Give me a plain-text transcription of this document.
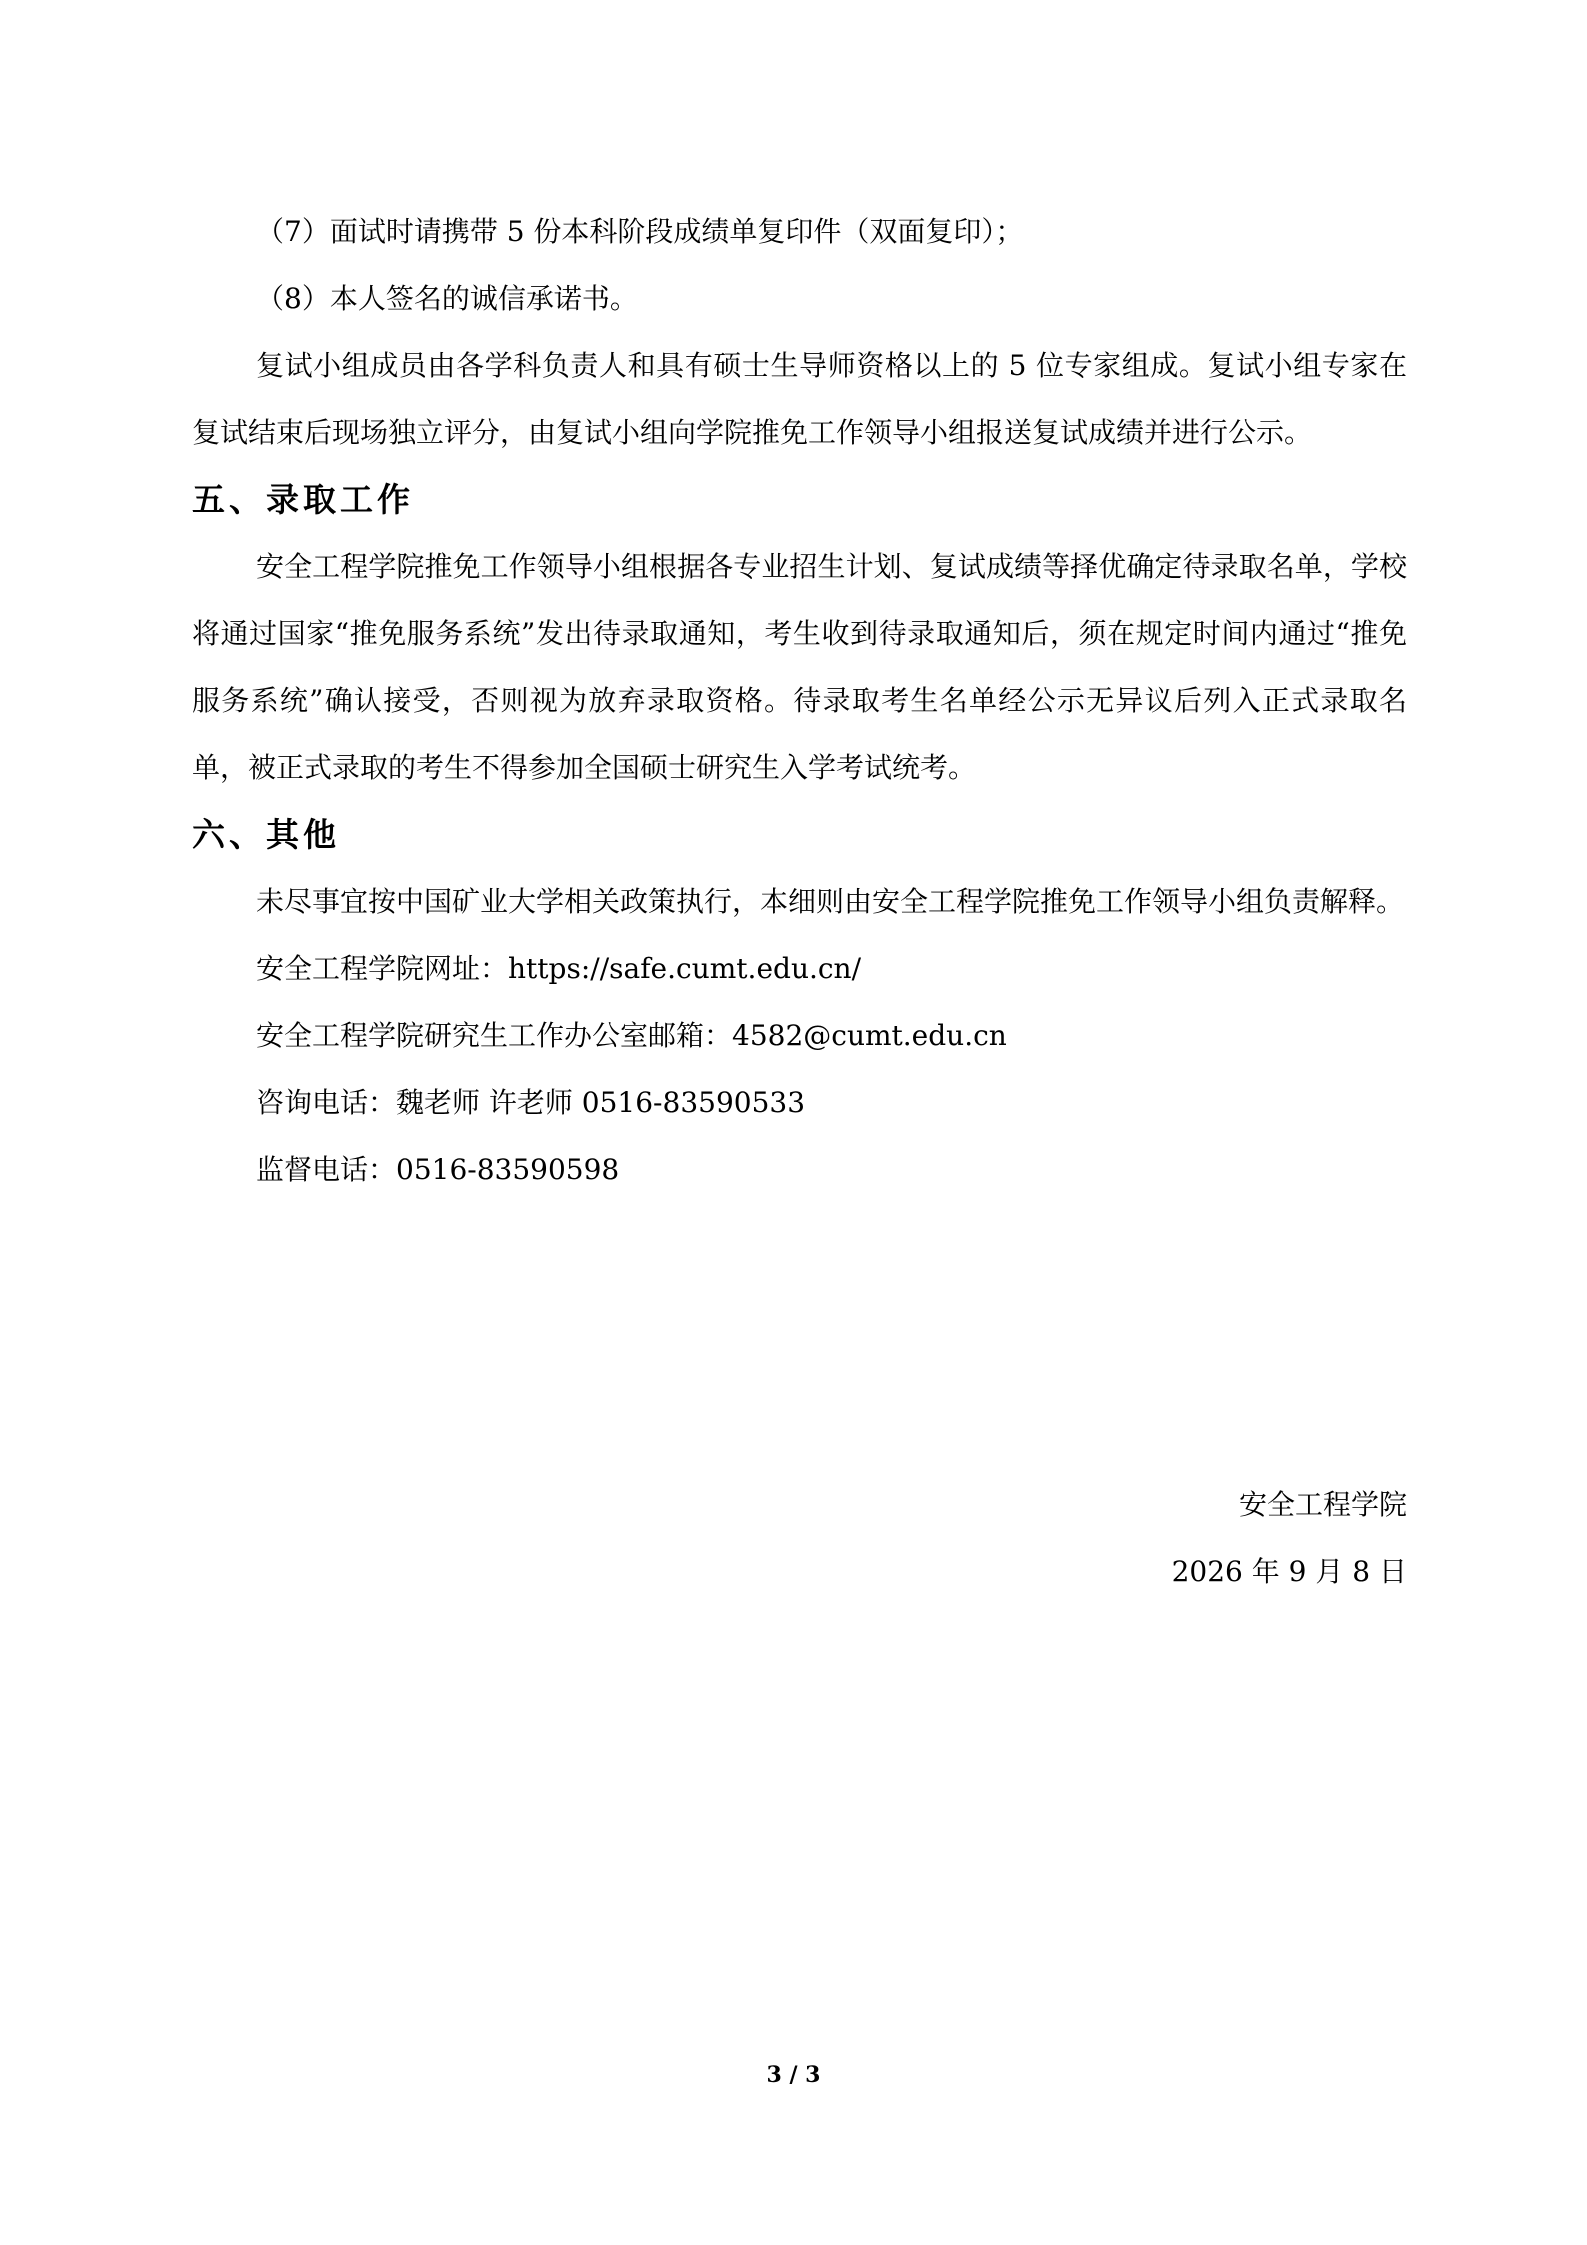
（7）面试时请携带 5 份本科阶段成绩单复印件（双面复印）；

（8）本人签名的诚信承诺书。

复试小组成员由各学科负责人和具有硕士生导师资格以上的 5 位专家组成。复试小组专家在复试结束后现场独立评分，由复试小组向学院推免工作领导小组报送复试成绩并进行公示。

五、录取工作

安全工程学院推免工作领导小组根据各专业招生计划、复试成绩等择优确定待录取名单，学校将通过国家“推免服务系统”发出待录取通知，考生收到待录取通知后，须在规定时间内通过“推免服务系统”确认接受，否则视为放弃录取资格。待录取考生名单经公示无异议后列入正式录取名单，被正式录取的考生不得参加全国硕士研究生入学考试统考。

六、其他

未尽事宜按中国矿业大学相关政策执行，本细则由安全工程学院推免工作领导小组负责解释。

安全工程学院网址：https://safe.cumt.edu.cn/

安全工程学院研究生工作办公室邮箱：4582@cumt.edu.cn

咨询电话：魏老师 许老师 0516-83590533

监督电话：0516-83590598

安全工程学院

2026 年 9 月 8 日

3 / 3
